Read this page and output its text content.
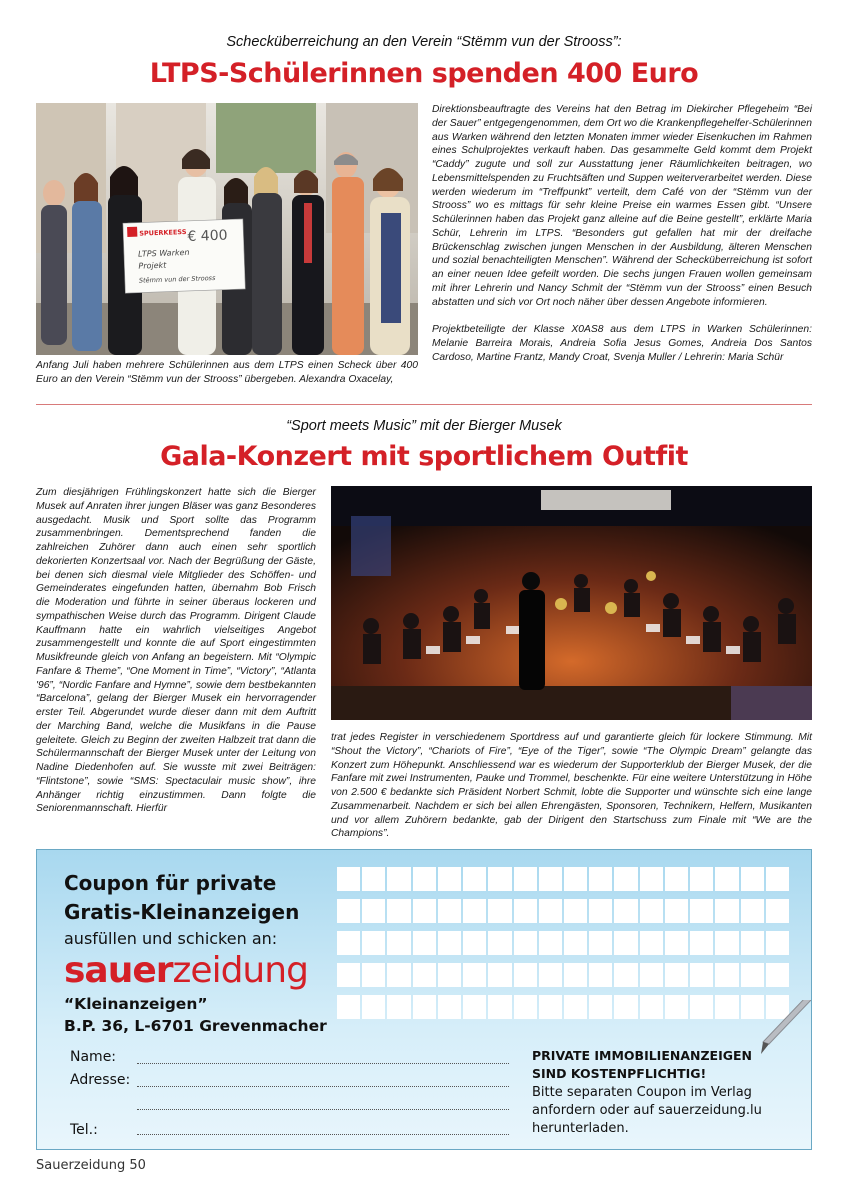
Schecküberreichung an den Verein “Stëmm vun der Strooss”:
LTPS-Schülerinnen spenden 400 Euro
SPUERKEESS € 400
LTPS Warken
Projekt
Stëmm vun der Strooss

Anfang Juli haben mehrere Schülerinnen aus dem LTPS einen Scheck über 400 Euro an den Verein “Stëmm vun der Strooss” übergeben. Alexandra Oxacelay,

Direktionsbeauftragte des Vereins hat den Betrag im Diekircher Pflegeheim “Bei der Sauer” entgegengenommen, dem Ort wo die Krankenpflegehelfer-Schülerinnen aus Warken während den letzten Monaten immer wieder Eisenkuchen im Rahmen eines Schulprojektes verkauft haben. Das gesammelte Geld kommt dem Projekt “Caddy” zugute und soll zur Ausstattung jener Räumlichkeiten beitragen, wo Lebensmittelspenden zu Fruchtsäften und Suppen weiterverarbeitet werden. Diese werden wiederum im “Treffpunkt” verteilt, dem Café von der “Stëmm vun der Strooss” wo es mittags für sehr kleine Preise ein warmes Essen gibt. “Unsere Schülerinnen haben das Projekt ganz alleine auf die Beine gestellt”, erklärte Maria Schür, Lehrerin im LTPS. “Besonders gut gefallen hat mir der dreifache Brückenschlag zwischen jungen Menschen in der Ausbildung, älteren Menschen und sozial benachteiligten Menschen”. Während der Schecküberreichung ist sofort an einer neuen Idee gefeilt worden. Die sechs jungen Frauen wollen gemeinsam mit ihrer Lehrerin und Nancy Schmit der “Stëmm vun der Strooss” einen Besuch abstatten und sich vor Ort noch näher über dessen Angebote informieren.

Projektbeteiligte der Klasse X0AS8 aus dem LTPS in Warken Schülerinnen: Melanie Barreira Morais, Andreia Sofia Jesus Gomes, Andreia Dos Santos Cardoso, Martine Frantz, Mandy Croat, Svenja Muller / Lehrerin: Maria Schür

“Sport meets Music” mit der Bierger Musek
Gala-Konzert mit sportlichem Outfit

Zum diesjährigen Frühlingskonzert hatte sich die Bierger Musek auf Anraten ihrer jungen Bläser was ganz Besonderes ausgedacht. Musik und Sport sollte das Programm zusammenbringen. Dementsprechend fanden die zahlreichen Zuhörer dann auch einen sehr sportlich dekorierten Konzertsaal vor. Nach der Begrüßung der Gäste, bei denen sich diesmal viele Mitglieder des Schöffen- und Gemeinderates eingefunden hatten, übernahm Bob Frisch die Moderation und führte in seiner überaus lockeren und sympathischen Weise durch das Programm. Dirigent Claude Kauffmann hatte ein wahrlich vielseitiges Angebot zusammengestellt und konnte die auf Sport eingestimmten Musikfreunde gleich von Anfang an begeistern. Mit “Olympic Fanfare & Theme”, “One Moment in Time”, “Victory”, “Atlanta '96”, “Nordic Fanfare and Hymne”, sowie dem bestbekannten “Barcelona”, gelang der Bierger Musek ein hervorragender erster Teil. Abgerundet wurde dieser dann mit dem Auftritt der Marching Band, welche die Musikfans in die Pause geleitete. Gleich zu Beginn der zweiten Halbzeit trat dann die Schülermannschaft der Bierger Musek unter der Leitung von Nadine Diedenhofen auf. Sie wusste mit zwei Beiträgen: “Flintstone”, sowie “SMS: Spectaculair music show”, ihre Anhänger richtig einzustimmen. Dann folgte die Seniorenmannschaft. Hierfür

trat jedes Register in verschiedenem Sportdress auf und garantierte gleich für lockere Stimmung. Mit “Shout the Victory”, “Chariots of Fire”, “Eye of the Tiger”, sowie “The Olympic Dream” gelangte das Konzert zum Höhepunkt. Anschliessend war es wiederum der Supporterklub der Bierger Musek, der die Fanfare mit zwei Instrumenten, Pauke und Trommel, beschenkte. Für eine weitere Unterstützung in Höhe von 2.500 € bedankte sich Präsident Norbert Schmit, lobte die Supporter und wünschte sich eine lange Zusammenarbeit. Nachdem er sich bei allen Ehrengästen, Sponsoren, Technikern, Helfern, Musikanten und vor allem Zuhörern bedankte, gab der Dirigent den Startschuss zum Finale mit “We are the Champions”.

Coupon für private
Gratis-Kleinanzeigen
ausfüllen und schicken an:
sauerzeidung
“Kleinanzeigen”
B.P. 36, L-6701 Grevenmacher
Name:
Adresse:
Tel.:
PRIVATE IMMOBILIENANZEIGEN
SIND KOSTENPFLICHTIG!
Bitte separaten Coupon im Verlag
anfordern oder auf sauerzeidung.lu
herunterladen.
Sauerzeidung 50
